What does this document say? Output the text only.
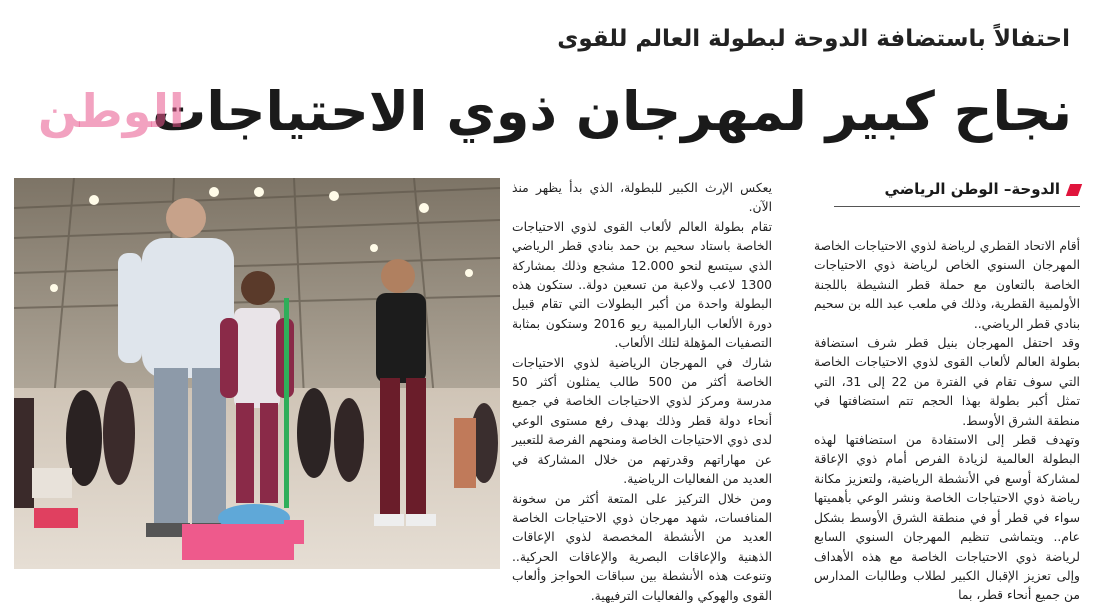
احتفالاً باستضافة الدوحة لبطولة العالم للقوى
نجاح كبير لمهرجان ذوي الاحتياجات
الوطن
الدوحة– الوطن الرياضي

يعكس الإرث الكبير للبطولة، الذي بدأ يظهر منذ الآن.

تقام بطولة العالم لألعاب القوى لذوي الاحتياجات الخاصة باستاد سحيم بن حمد بنادي قطر الرياضي الذي سيتسع لنحو 12.000 مشجع وذلك بمشاركة 1300 لاعب ولاعبة من تسعين دولة.. ستكون هذه البطولة واحدة من أكبر البطولات التي تقام قبيل دورة الألعاب البارالمبية ريو 2016 وستكون بمثابة التصفيات المؤهلة لتلك الألعاب.

شارك في المهرجان الرياضية لذوي الاحتياجات الخاصة أكثر من 500 طالب يمثلون أكثر 50 مدرسة ومركز لذوي الاحتياجات الخاصة في جميع أنحاء دولة قطر وذلك بهدف رفع مستوى الوعي لدى ذوي الاحتياجات الخاصة ومنحهم الفرصة للتعبير عن مهاراتهم وقدرتهم من خلال المشاركة في العديد من الفعاليات الرياضية.

ومن خلال التركيز على المتعة أكثر من سخونة المنافسات، شهد مهرجان ذوي الاحتياجات الخاصة العديد من الأنشطة المخصصة لذوي الإعاقات الذهنية والإعاقات البصرية والإعاقات الحركية.. وتنوعت هذه الأنشطة بين سباقات الحواجز وألعاب القوى والهوكي والفعاليات الترفيهية.

أقام الاتحاد القطري لرياضة لذوي الاحتياجات الخاصة المهرجان السنوي الخاص لرياضة ذوي الاحتياجات الخاصة بالتعاون مع حملة قطر النشيطة باللجنة الأولمبية القطرية، وذلك في ملعب عبد الله بن سحيم بنادي قطر الرياضي..

وقد احتفل المهرجان بنيل قطر شرف استضافة بطولة العالم لألعاب القوى لذوي الاحتياجات الخاصة التي سوف تقام في الفترة من 22 إلى 31، التي تمثل أكبر بطولة بهذا الحجم تتم استضافتها في منطقة الشرق الأوسط.

وتهدف قطر إلى الاستفادة من استضافتها لهذه البطولة العالمية لزيادة الفرص أمام ذوي الإعاقة لمشاركة أوسع في الأنشطة الرياضية، ولتعزيز مكانة رياضة ذوي الاحتياجات الخاصة ونشر الوعي بأهميتها سواء في قطر أو في منطقة الشرق الأوسط بشكل عام.. ويتماشى تنظيم المهرجان السنوي السابع لرياضة ذوي الاحتياجات الخاصة مع هذه الأهداف وإلى تعزيز الإقبال الكبير لطلاب وطالبات المدارس من جميع أنحاء قطر، بما
